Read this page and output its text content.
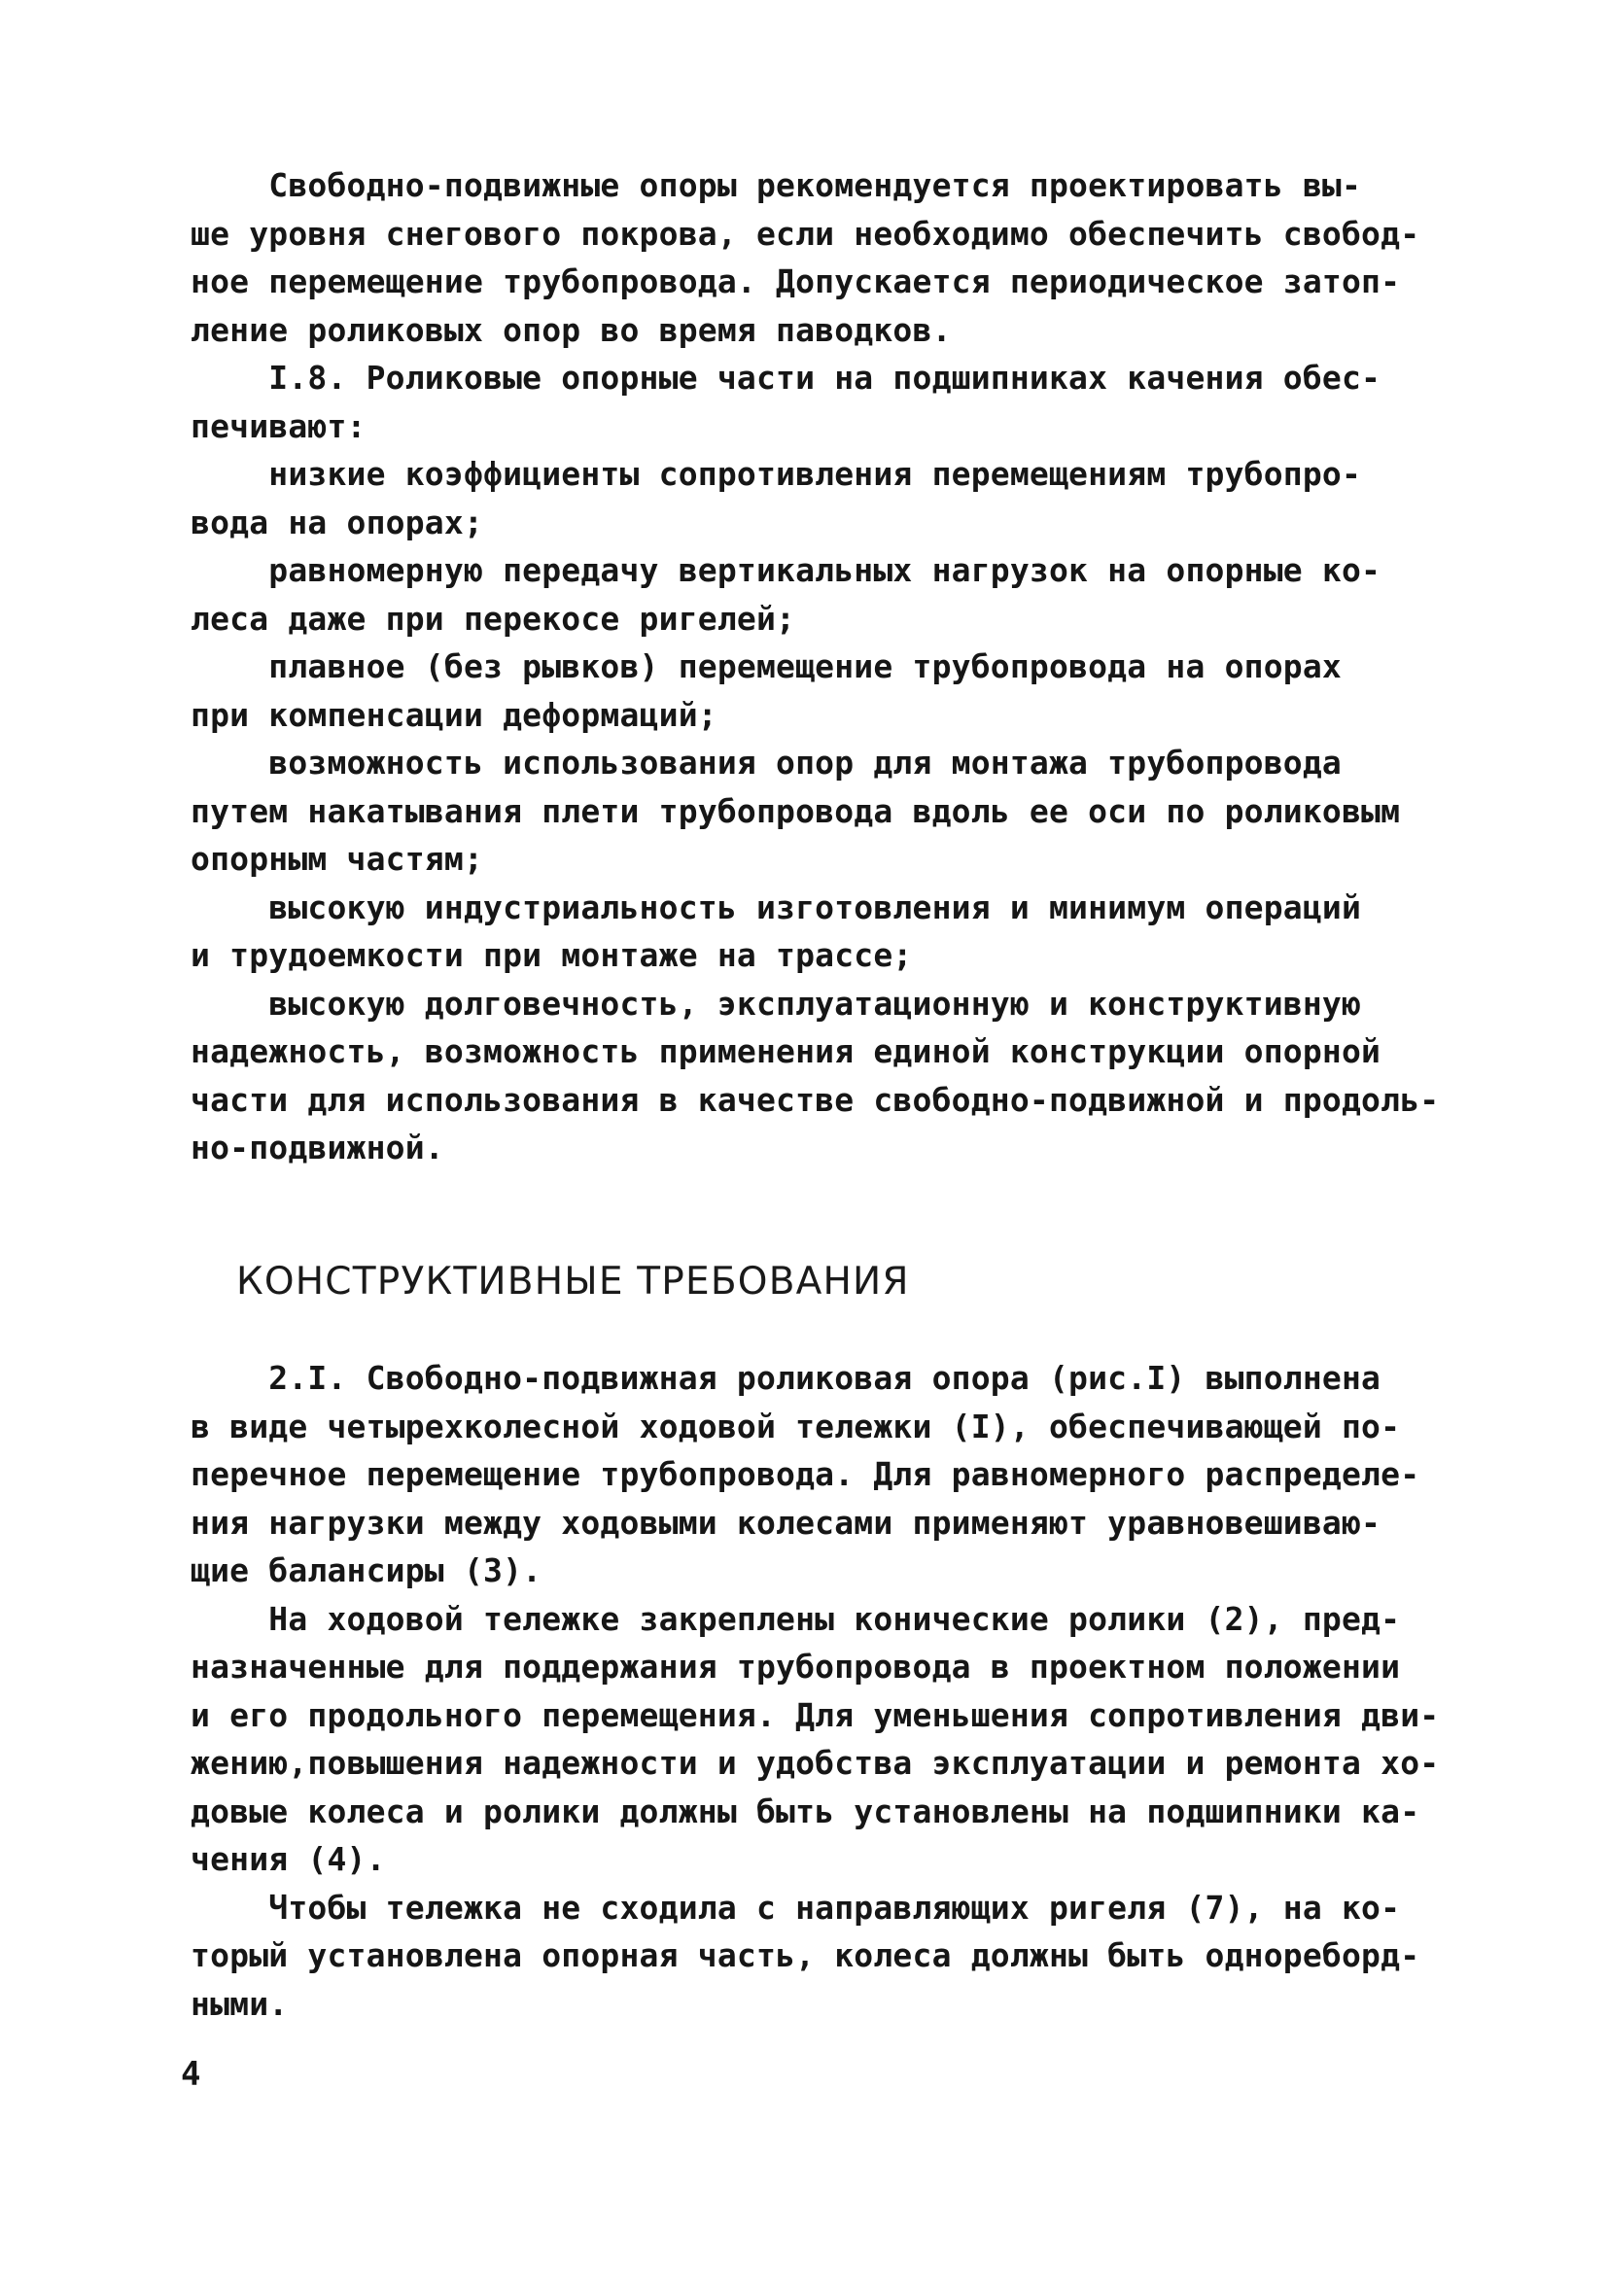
Свободно-подвижные опоры рекомендуется проектировать вы-
ше уровня снегового покрова, если необходимо обеспечить свобод-
ное перемещение трубопровода. Допускается периодическое затоп-
ление роликовых опор во время паводков.
I.8. Роликовые опорные части на подшипниках качения обес-
печивают:
низкие коэффициенты сопротивления перемещениям трубопро-
вода на опорах;
равномерную передачу вертикальных нагрузок на опорные ко-
леса даже при перекосе ригелей;
плавное (без рывков) перемещение трубопровода на опорах
при компенсации деформаций;
возможность использования опор для монтажа трубопровода
путем накатывания плети трубопровода вдоль ее оси по роликовым
опорным частям;
высокую индустриальность изготовления и минимум операций
и трудоемкости при монтаже на трассе;
высокую долговечность, эксплуатационную и конструктивную
надежность, возможность применения единой конструкции опорной
части для использования в качестве свободно-подвижной и продоль-
но-подвижной.
КОНСТРУКТИВНЫЕ ТРЕБОВАНИЯ
2.I. Свободно-подвижная роликовая опора (рис.I) выполнена
в виде четырехколесной ходовой тележки (I), обеспечивающей по-
перечное перемещение трубопровода. Для равномерного распределе-
ния нагрузки между ходовыми колесами применяют уравновешиваю-
щие балансиры (3).
На ходовой тележке закреплены конические ролики (2), пред-
назначенные для поддержания трубопровода в проектном положении
и его продольного перемещения. Для уменьшения сопротивления дви-
жению,повышения надежности и удобства эксплуатации и ремонта хо-
довые колеса и ролики должны быть установлены на подшипники ка-
чения (4).
Чтобы тележка не сходила с направляющих ригеля (7), на ко-
торый установлена опорная часть, колеса должны быть однореборд-
ными.
4
